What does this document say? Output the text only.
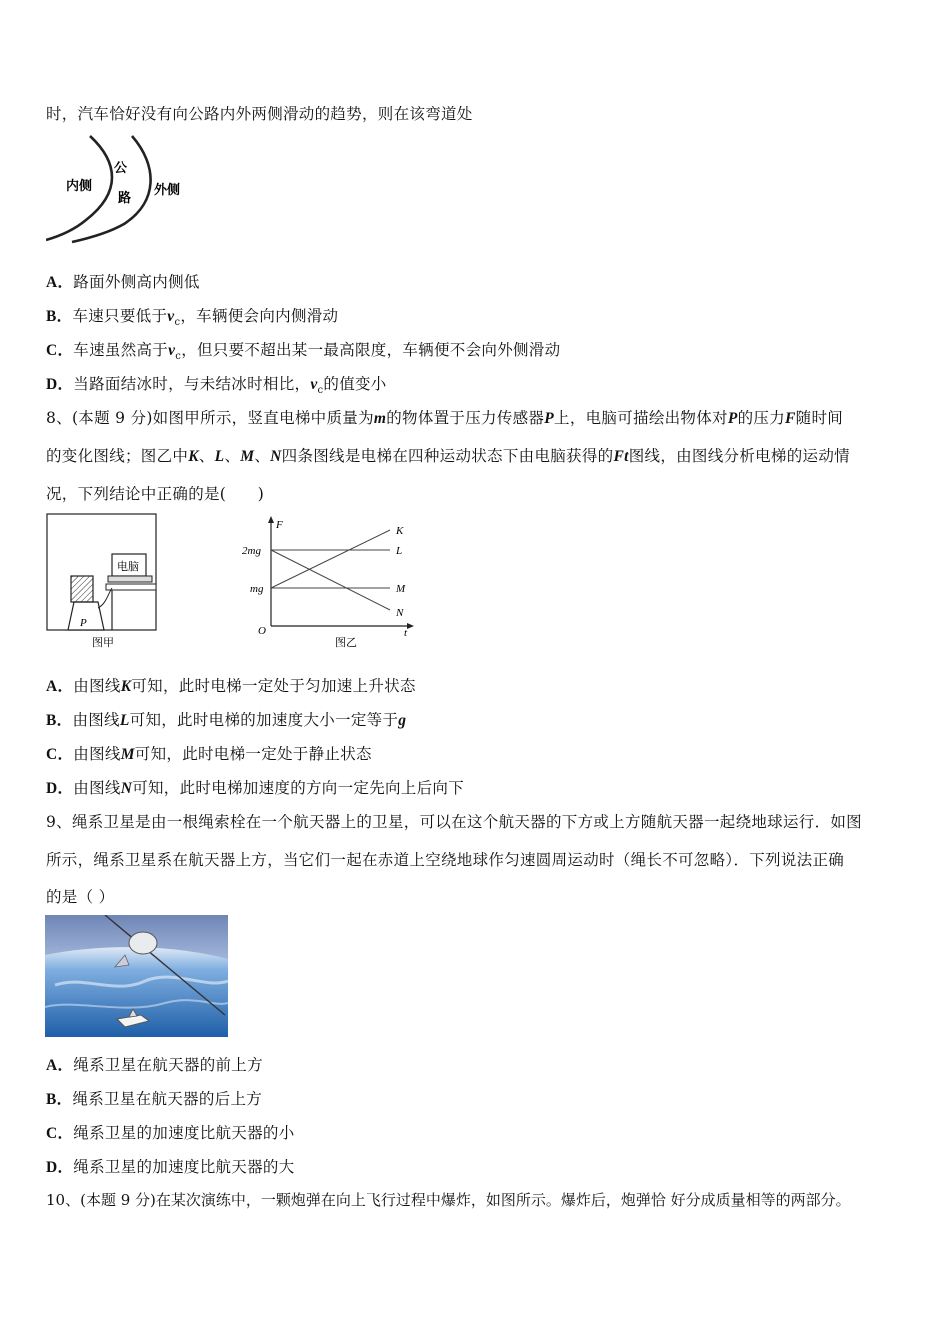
时，汽车恰好没有向公路内外两侧滑动的趋势，则在该弯道处
内侧
公
路
外侧
A．路面外侧高内侧低
B．车速只要低于$v_c$，车辆便会向内侧滑动
C．车速虽然高于$v_c$，但只要不超出某一最高限度，车辆便不会向外侧滑动
D．当路面结冰时，与未结冰时相比，$v_c$的值变小
8、(本题 9 分)如图甲所示，竖直电梯中质量为m的物体置于压力传感器P上，电脑可描绘出物体对P的压力F随时间
的变化图线；图乙中K、L、M、N四条图线是电梯在四种运动状态下由电脑获得的Ft图线，由图线分析电梯的运动情
况，下列结论中正确的是(　　)
P
电脑
图甲
F
t
O
2mg
mg
K
L
M
N
图乙
A．由图线K可知，此时电梯一定处于匀加速上升状态
B．由图线L可知，此时电梯的加速度大小一定等于g
C．由图线M可知，此时电梯一定处于静止状态
D．由图线N可知，此时电梯加速度的方向一定先向上后向下
9、绳系卫星是由一根绳索栓在一个航天器上的卫星，可以在这个航天器的下方或上方随航天器一起绕地球运行．如图
所示，绳系卫星系在航天器上方，当它们一起在赤道上空绕地球作匀速圆周运动时（绳长不可忽略）．下列说法正确
的是（ ）
A．绳系卫星在航天器的前上方
B．绳系卫星在航天器的后上方
C．绳系卫星的加速度比航天器的小
D．绳系卫星的加速度比航天器的大
10、(本题 9 分)在某次演练中，一颗炮弹在向上飞行过程中爆炸，如图所示。爆炸后，炮弹恰 好分成质量相等的两部分。
